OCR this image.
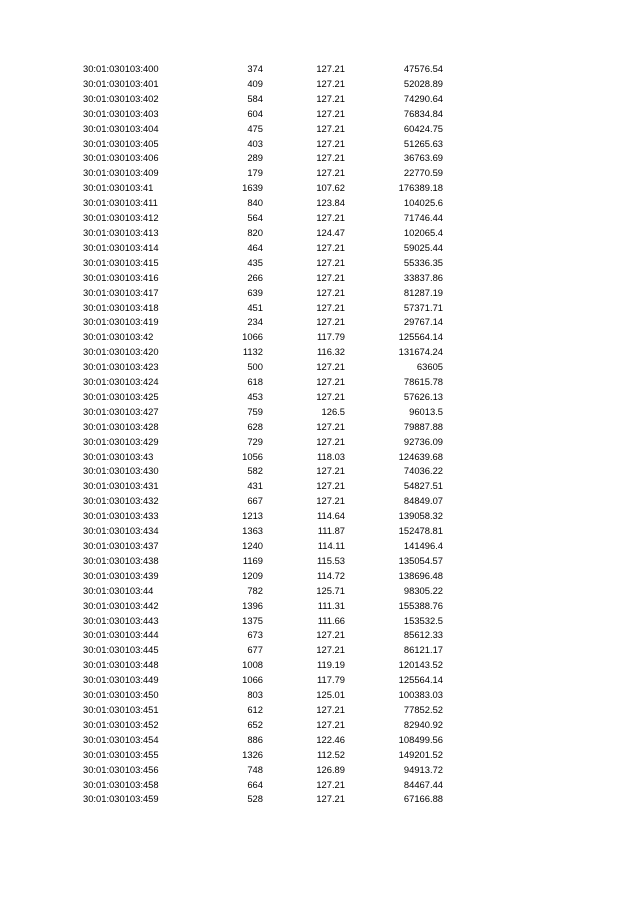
30:01:030103:400	374	127.21	47576.54
30:01:030103:401	409	127.21	52028.89
30:01:030103:402	584	127.21	74290.64
30:01:030103:403	604	127.21	76834.84
30:01:030103:404	475	127.21	60424.75
30:01:030103:405	403	127.21	51265.63
30:01:030103:406	289	127.21	36763.69
30:01:030103:409	179	127.21	22770.59
30:01:030103:41	1639	107.62	176389.18
30:01:030103:411	840	123.84	104025.6
30:01:030103:412	564	127.21	71746.44
30:01:030103:413	820	124.47	102065.4
30:01:030103:414	464	127.21	59025.44
30:01:030103:415	435	127.21	55336.35
30:01:030103:416	266	127.21	33837.86
30:01:030103:417	639	127.21	81287.19
30:01:030103:418	451	127.21	57371.71
30:01:030103:419	234	127.21	29767.14
30:01:030103:42	1066	117.79	125564.14
30:01:030103:420	1132	116.32	131674.24
30:01:030103:423	500	127.21	63605
30:01:030103:424	618	127.21	78615.78
30:01:030103:425	453	127.21	57626.13
30:01:030103:427	759	126.5	96013.5
30:01:030103:428	628	127.21	79887.88
30:01:030103:429	729	127.21	92736.09
30:01:030103:43	1056	118.03	124639.68
30:01:030103:430	582	127.21	74036.22
30:01:030103:431	431	127.21	54827.51
30:01:030103:432	667	127.21	84849.07
30:01:030103:433	1213	114.64	139058.32
30:01:030103:434	1363	111.87	152478.81
30:01:030103:437	1240	114.11	141496.4
30:01:030103:438	1169	115.53	135054.57
30:01:030103:439	1209	114.72	138696.48
30:01:030103:44	782	125.71	98305.22
30:01:030103:442	1396	111.31	155388.76
30:01:030103:443	1375	111.66	153532.5
30:01:030103:444	673	127.21	85612.33
30:01:030103:445	677	127.21	86121.17
30:01:030103:448	1008	119.19	120143.52
30:01:030103:449	1066	117.79	125564.14
30:01:030103:450	803	125.01	100383.03
30:01:030103:451	612	127.21	77852.52
30:01:030103:452	652	127.21	82940.92
30:01:030103:454	886	122.46	108499.56
30:01:030103:455	1326	112.52	149201.52
30:01:030103:456	748	126.89	94913.72
30:01:030103:458	664	127.21	84467.44
30:01:030103:459	528	127.21	67166.88
